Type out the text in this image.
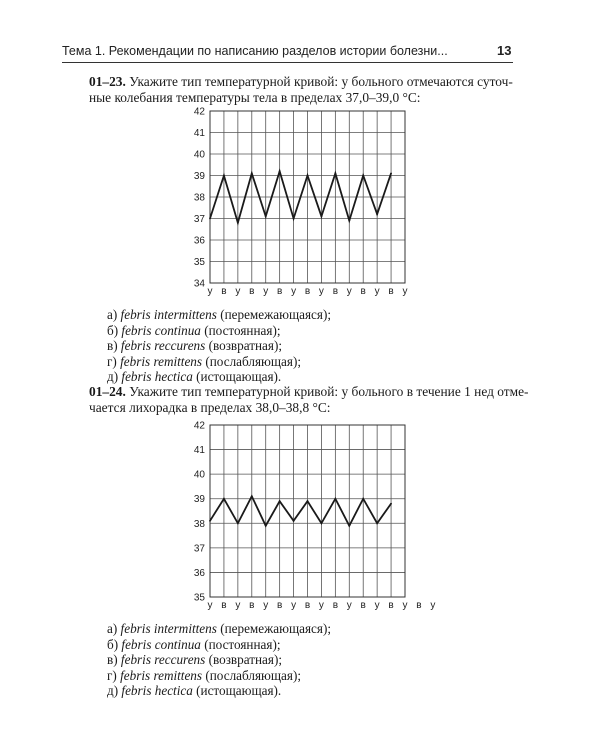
Тема 1. Рекомендации по написанию разделов истории болезни...	13
01–23. Укажите тип температурной кривой: у больного отмечаются суточ-
ные колебания температуры тела в пределах 37,0–39,0 °С:
42
41
40
39
38
37
36
35
34
у в у в у в у в у в у в у в у
а) febris intermittens (перемежающаяся);
б) febris continua (постоянная);
в) febris reccurens (возвратная);
г) febris remittens (послабляющая);
д) febris hectica (истощающая).
01–24. Укажите тип температурной кривой: у больного в течение 1 нед отме-
чается лихорадка в пределах 38,0–38,8 °С:
42
41
40
39
38
37
36
35
у в у в у в у в у в у в у в у в у
а) febris intermittens (перемежающаяся);
б) febris continua (постоянная);
в) febris reccurens (возвратная);
г) febris remittens (послабляющая);
д) febris hectica (истощающая).
